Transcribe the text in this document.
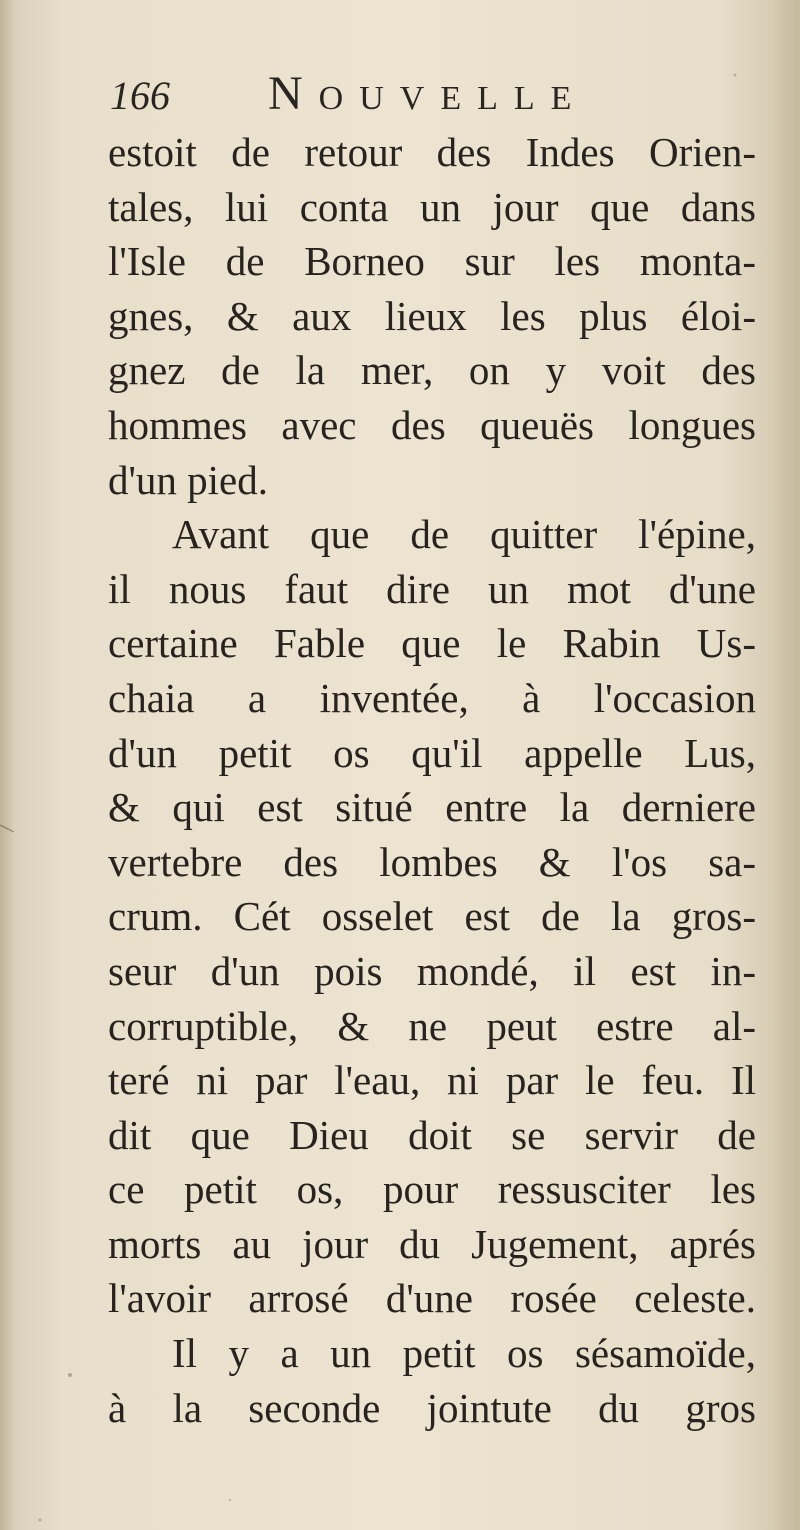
166 Nouvelle
estoit de retour des Indes Orien-
tales, lui conta un jour que dans
l'Isle de Borneo sur les monta-
gnes, & aux lieux les plus éloi-
gnez de la mer, on y voit des
hommes avec des queuës longues
d'un pied.
Avant que de quitter l'épine,
il nous faut dire un mot d'une
certaine Fable que le Rabin Us-
chaia a inventée, à l'occasion
d'un petit os qu'il appelle Lus,
& qui est situé entre la derniere
vertebre des lombes & l'os sa-
crum. Cét osselet est de la gros-
seur d'un pois mondé, il est in-
corruptible, & ne peut estre al-
teré ni par l'eau, ni par le feu. Il
dit que Dieu doit se servir de
ce petit os, pour ressusciter les
morts au jour du Jugement, aprés
l'avoir arrosé d'une rosée celeste.
Il y a un petit os sésamoïde,
à la seconde jointute du gros
